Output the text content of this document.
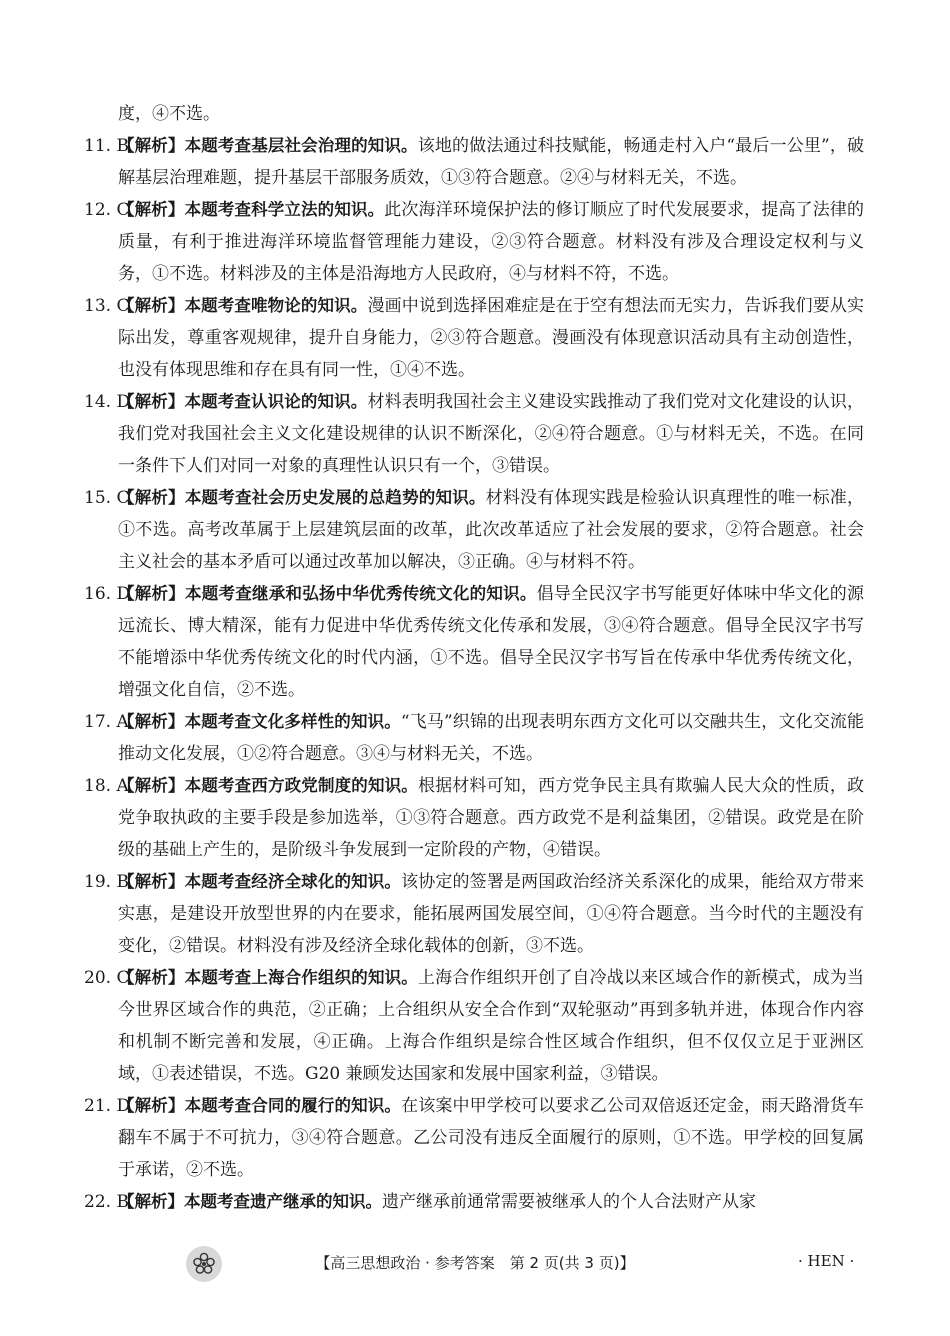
度，④不选。

11. B
【解析】本题考查基层社会治理的知识。该地的做法通过科技赋能，畅通走村入户“最后一公里”，破解基层治理难题，提升基层干部服务质效，①③符合题意。②④与材料无关，不选。

12. C
【解析】本题考查科学立法的知识。此次海洋环境保护法的修订顺应了时代发展要求，提高了法律的质量，有利于推进海洋环境监督管理能力建设，②③符合题意。材料没有涉及合理设定权利与义务，①不选。材料涉及的主体是沿海地方人民政府，④与材料不符，不选。

13. C
【解析】本题考查唯物论的知识。漫画中说到选择困难症是在于空有想法而无实力，告诉我们要从实际出发，尊重客观规律，提升自身能力，②③符合题意。漫画没有体现意识活动具有主动创造性，也没有体现思维和存在具有同一性，①④不选。

14. D
【解析】本题考查认识论的知识。材料表明我国社会主义建设实践推动了我们党对文化建设的认识，我们党对我国社会主义文化建设规律的认识不断深化，②④符合题意。①与材料无关，不选。在同一条件下人们对同一对象的真理性认识只有一个，③错误。

15. C
【解析】本题考查社会历史发展的总趋势的知识。材料没有体现实践是检验认识真理性的唯一标准，①不选。高考改革属于上层建筑层面的改革，此次改革适应了社会发展的要求，②符合题意。社会主义社会的基本矛盾可以通过改革加以解决，③正确。④与材料不符。

16. D
【解析】本题考查继承和弘扬中华优秀传统文化的知识。倡导全民汉字书写能更好体味中华文化的源远流长、博大精深，能有力促进中华优秀传统文化传承和发展，③④符合题意。倡导全民汉字书写不能增添中华优秀传统文化的时代内涵，①不选。倡导全民汉字书写旨在传承中华优秀传统文化，增强文化自信，②不选。

17. A
【解析】本题考查文化多样性的知识。“飞马”织锦的出现表明东西方文化可以交融共生，文化交流能推动文化发展，①②符合题意。③④与材料无关，不选。

18. A
【解析】本题考查西方政党制度的知识。根据材料可知，西方党争民主具有欺骗人民大众的性质，政党争取执政的主要手段是参加选举，①③符合题意。西方政党不是利益集团，②错误。政党是在阶级的基础上产生的，是阶级斗争发展到一定阶段的产物，④错误。

19. B
【解析】本题考查经济全球化的知识。该协定的签署是两国政治经济关系深化的成果，能给双方带来实惠，是建设开放型世界的内在要求，能拓展两国发展空间，①④符合题意。当今时代的主题没有变化，②错误。材料没有涉及经济全球化载体的创新，③不选。

20. C
【解析】本题考查上海合作组织的知识。上海合作组织开创了自冷战以来区域合作的新模式，成为当今世界区域合作的典范，②正确；上合组织从安全合作到“双轮驱动”再到多轨并进，体现合作内容和机制不断完善和发展，④正确。上海合作组织是综合性区域合作组织，但不仅仅立足于亚洲区域，①表述错误，不选。G20 兼顾发达国家和发展中国家利益，③错误。

21. D
【解析】本题考查合同的履行的知识。在该案中甲学校可以要求乙公司双倍返还定金，雨天路滑货车翻车不属于不可抗力，③④符合题意。乙公司没有违反全面履行的原则，①不选。甲学校的回复属于承诺，②不选。

22. B
【解析】本题考查遗产继承的知识。遗产继承前通常需要被继承人的个人合法财产从家

【高三思想政治 · 参考答案　第 2 页(共 3 页)】	· HEN ·
